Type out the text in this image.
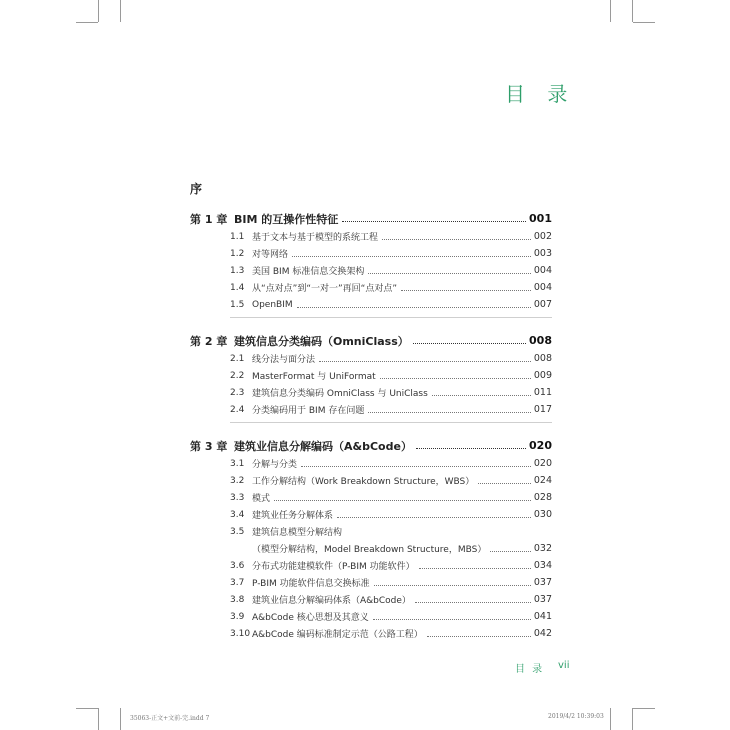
目 录
序
第 1 章 BIM 的互操作性特征	001
1.1 基于文本与基于模型的系统工程	002
1.2 对等网络	003
1.3 美国 BIM 标准信息交换架构	004
1.4 从“点对点”到“一对一”再回“点对点”	004
1.5 OpenBIM	007
第 2 章 建筑信息分类编码（OmniClass）	008
2.1 线分法与面分法	008
2.2 MasterFormat 与 UniFormat	009
2.3 建筑信息分类编码 OmniClass 与 UniClass	011
2.4 分类编码用于 BIM 存在问题	017
第 3 章 建筑业信息分解编码（A&bCode）	020
3.1 分解与分类	020
3.2 工作分解结构（Work Breakdown Structure，WBS）	024
3.3 模式	028
3.4 建筑业任务分解体系	030
3.5 建筑信息模型分解结构
（模型分解结构，Model Breakdown Structure，MBS）	032
3.6 分布式功能建模软件（P-BIM 功能软件）	034
3.7 P-BIM 功能软件信息交换标准	037
3.8 建筑业信息分解编码体系（A&bCode）	037
3.9 A&bCode 核心思想及其意义	041
3.10 A&bCode 编码标准制定示范（公路工程）	042
目 录 vii
35063-正文+文前-完.indd 7	2019/4/2 10:39:03
